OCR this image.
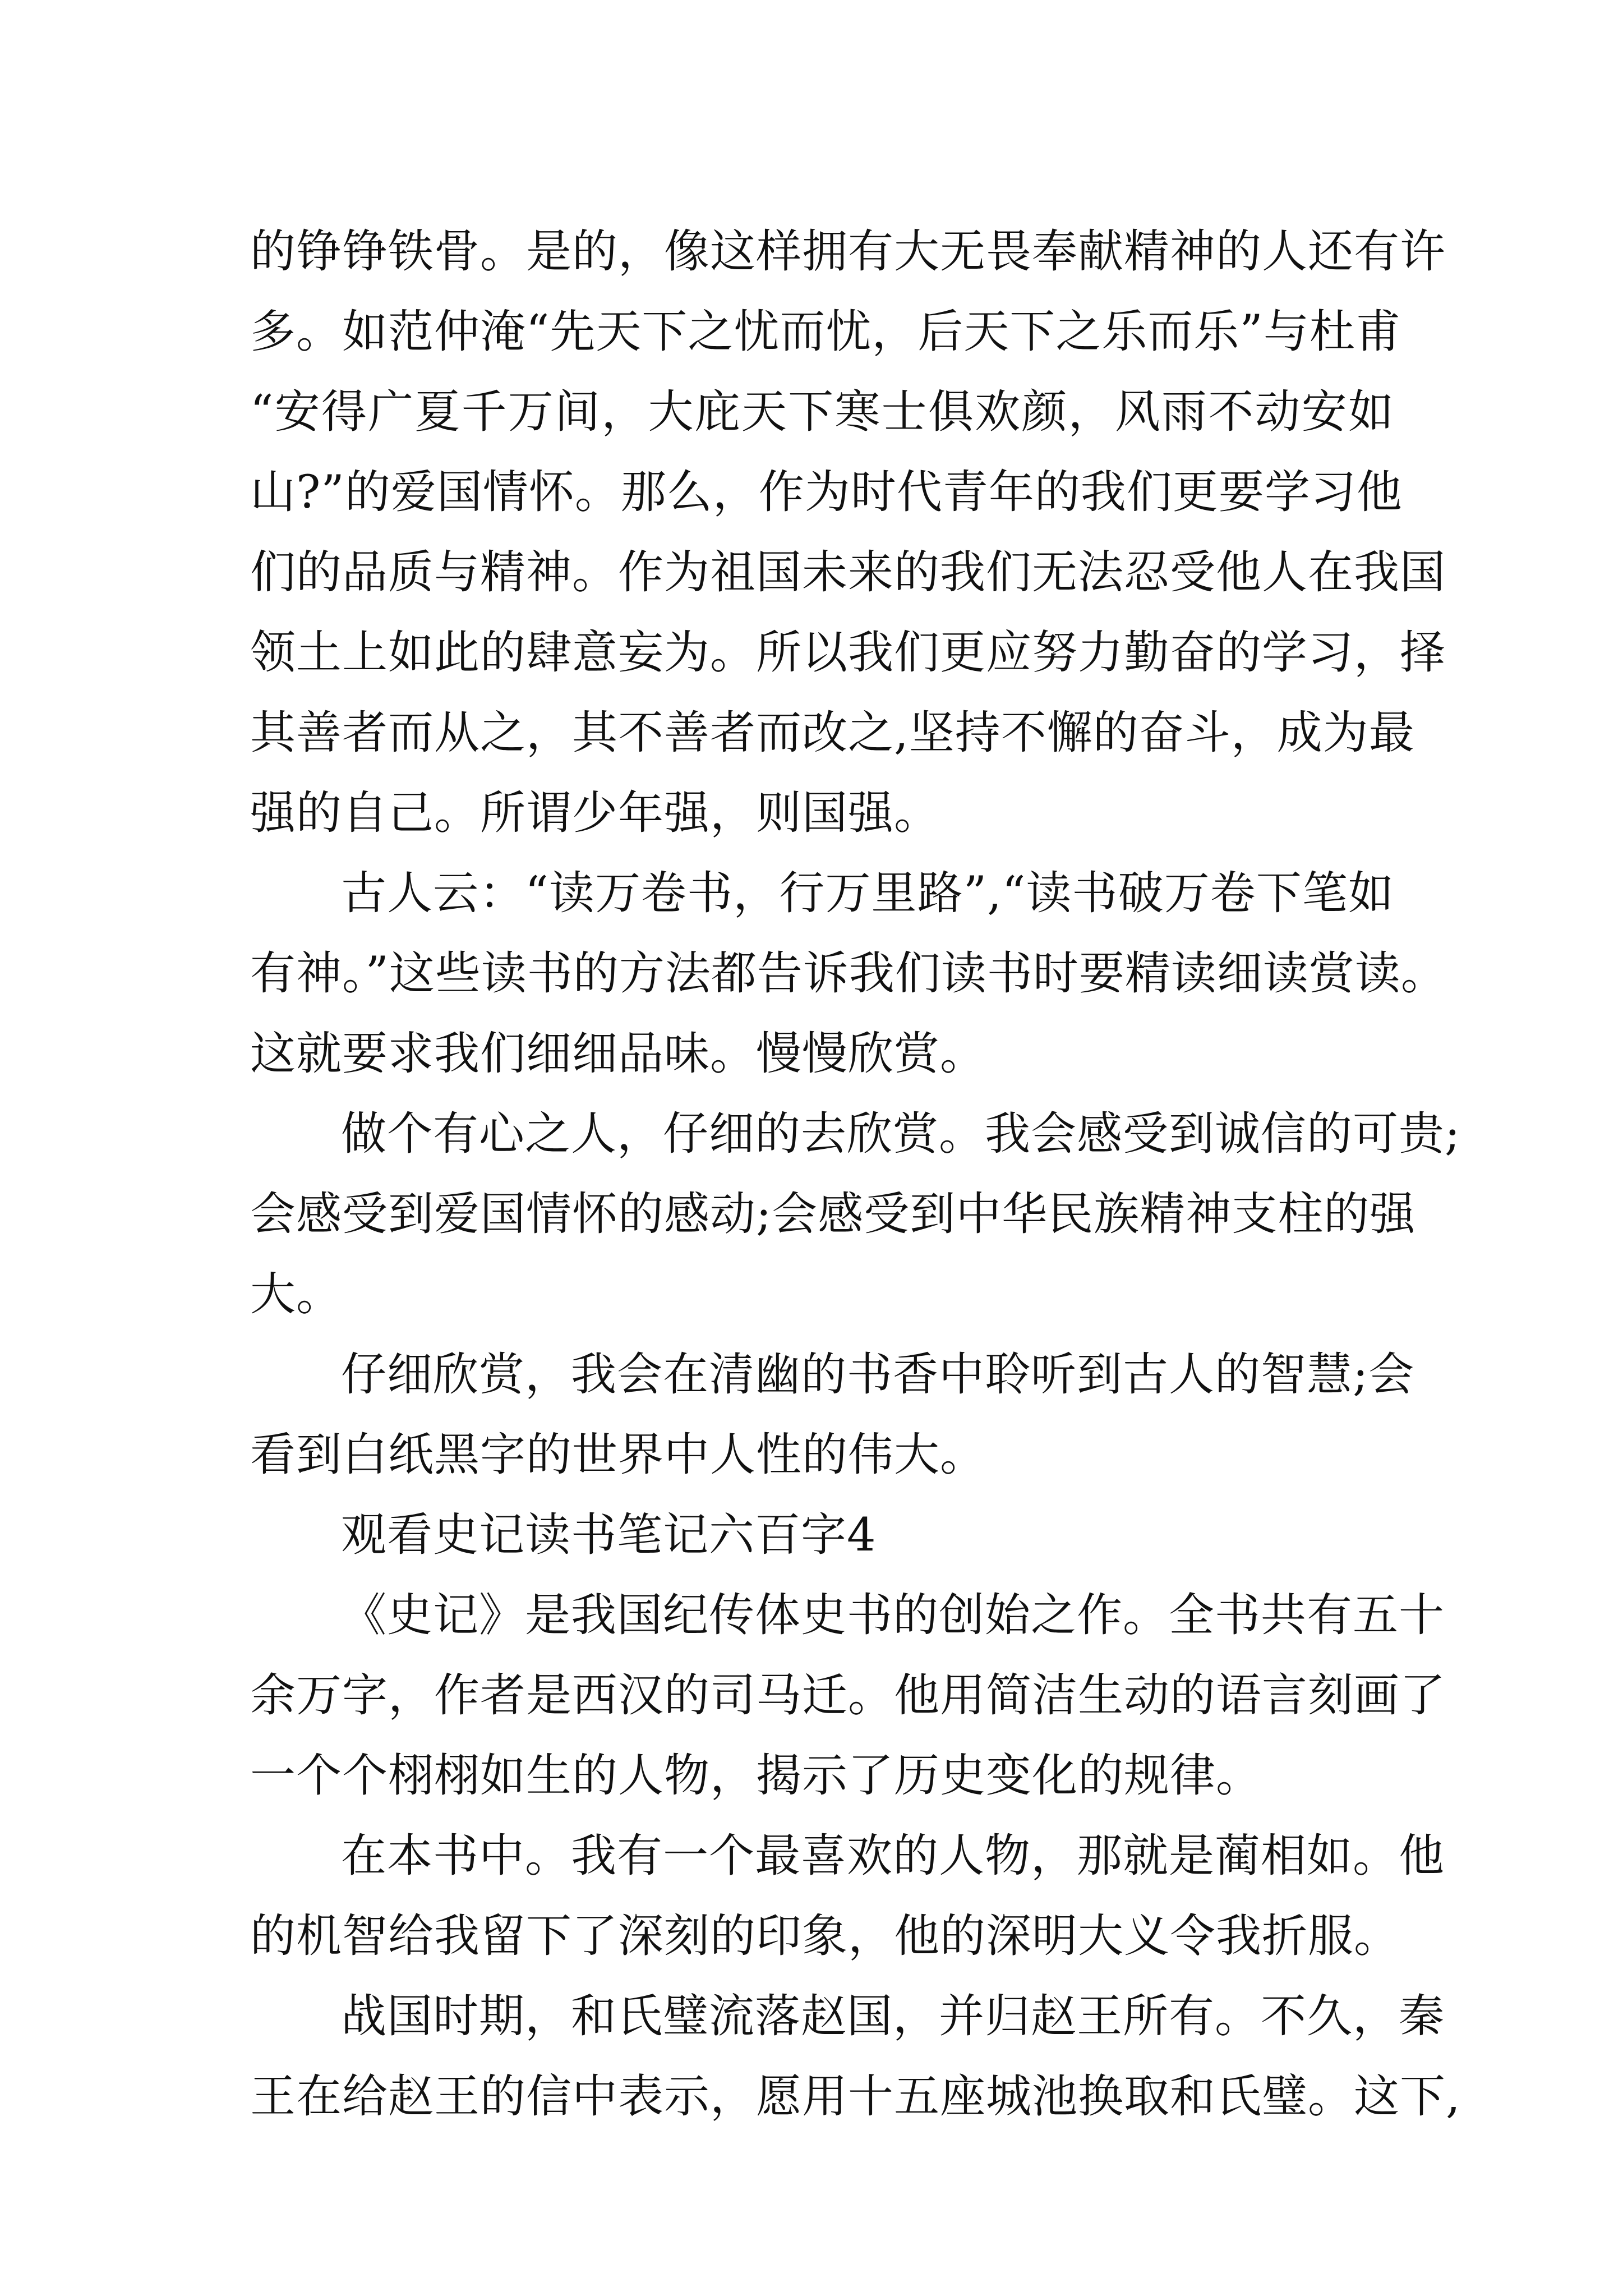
的铮铮铁骨。是的，像这样拥有大无畏奉献精神的人还有许
多。如范仲淹“先天下之忧而忧，后天下之乐而乐”与杜甫
“安得广夏千万间，大庇天下寒士俱欢颜，风雨不动安如
山?”的爱国情怀。那么，作为时代青年的我们更要学习他
们的品质与精神。作为祖国未来的我们无法忍受他人在我国
领土上如此的肆意妄为。所以我们更应努力勤奋的学习，择
其善者而从之，其不善者而改之,坚持不懈的奋斗，成为最
强的自己。所谓少年强，则国强。
古人云：“读万卷书，行万里路”,“读书破万卷下笔如
有神。”这些读书的方法都告诉我们读书时要精读细读赏读。
这就要求我们细细品味。慢慢欣赏。
做个有心之人，仔细的去欣赏。我会感受到诚信的可贵;
会感受到爱国情怀的感动;会感受到中华民族精神支柱的强
大。
仔细欣赏，我会在清幽的书香中聆听到古人的智慧;会
看到白纸黑字的世界中人性的伟大。
观看史记读书笔记六百字4
《史记》是我国纪传体史书的创始之作。全书共有五十
余万字，作者是西汉的司马迁。他用简洁生动的语言刻画了
一个个栩栩如生的人物，揭示了历史变化的规律。
在本书中。我有一个最喜欢的人物，那就是蔺相如。他
的机智给我留下了深刻的印象，他的深明大义令我折服。
战国时期，和氏璧流落赵国，并归赵王所有。不久，秦
王在给赵王的信中表示，愿用十五座城池换取和氏璧。这下,
